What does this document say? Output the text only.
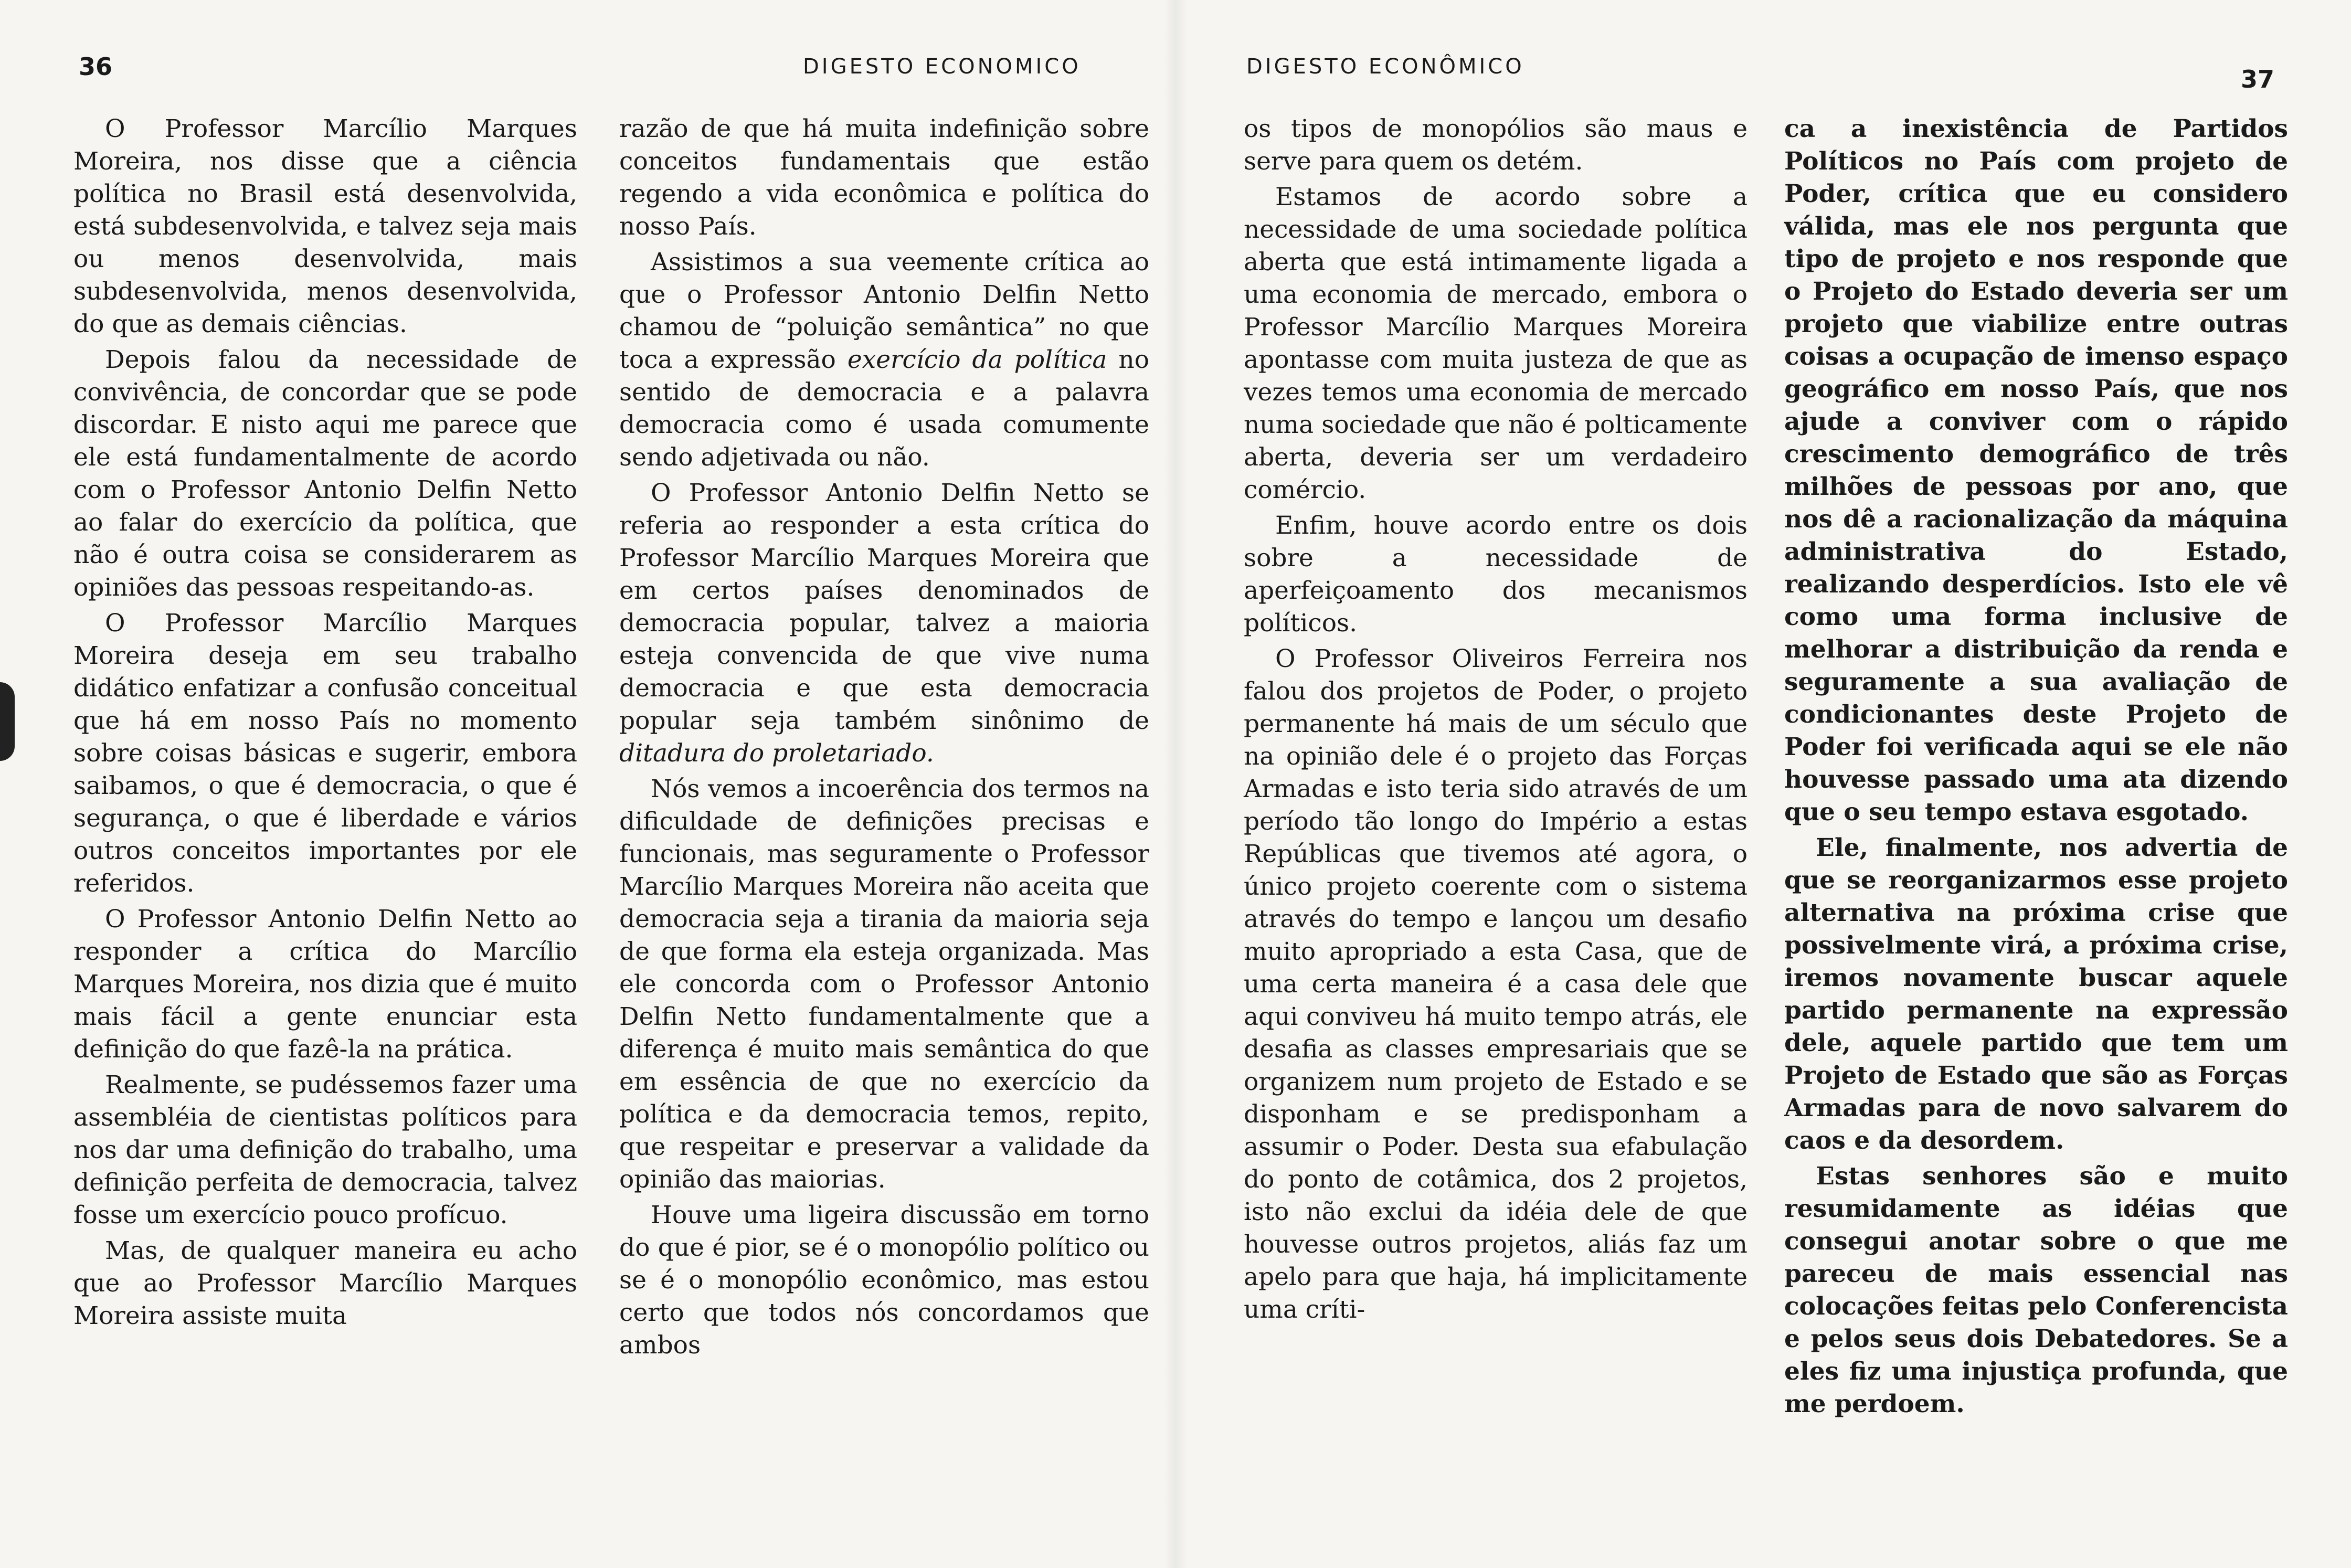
36	DIGESTO ECONOMICO

O Professor Marcílio Marques Moreira, nos disse que a ciência política no Brasil está desenvolvida, está subdesenvolvida, e talvez seja mais ou menos desenvolvida, mais subdesenvolvida, menos desenvolvida, do que as demais ciências.

Depois falou da necessidade de convivência, de concordar que se pode discordar. E nisto aqui me parece que ele está fundamentalmente de acordo com o Professor Antonio Delfin Netto ao falar do exercício da política, que não é outra coisa se considerarem as opiniões das pessoas respeitando-as.

O Professor Marcílio Marques Moreira deseja em seu trabalho didático enfatizar a confusão conceitual que há em nosso País no momento sobre coisas básicas e sugerir, embora saibamos, o que é democracia, o que é segurança, o que é liberdade e vários outros conceitos importantes por ele referidos.

O Professor Antonio Delfin Netto ao responder a crítica do Marcílio Marques Moreira, nos dizia que é muito mais fácil a gente enunciar esta definição do que fazê-la na prática.

Realmente, se pudéssemos fazer uma assembléia de cientistas políticos para nos dar uma definição do trabalho, uma definição perfeita de democracia, talvez fosse um exercício pouco profícuo.

Mas, de qualquer maneira eu acho que ao Professor Marcílio Marques Moreira assiste muita

razão de que há muita indefinição sobre conceitos fundamentais que estão regendo a vida econômica e política do nosso País.

Assistimos a sua veemente crítica ao que o Professor Antonio Delfin Netto chamou de “poluição semântica” no que toca a expressão exercício da política no sentido de democracia e a palavra democracia como é usada comumente sendo adjetivada ou não.

O Professor Antonio Delfin Netto se referia ao responder a esta crítica do Professor Marcílio Marques Moreira que em certos países denominados de democracia popular, talvez a maioria esteja convencida de que vive numa democracia e que esta democracia popular seja também sinônimo de ditadura do proletariado.

Nós vemos a incoerência dos termos na dificuldade de definições precisas e funcionais, mas seguramente o Professor Marcílio Marques Moreira não aceita que democracia seja a tirania da maioria seja de que forma ela esteja organizada. Mas ele concorda com o Professor Antonio Delfin Netto fundamentalmente que a diferença é muito mais semântica do que em essência de que no exercício da política e da democracia temos, repito, que respeitar e preservar a validade da opinião das maiorias.

Houve uma ligeira discussão em torno do que é pior, se é o monopólio político ou se é o monopólio econômico, mas estou certo que todos nós concordamos que ambos

DIGESTO ECONÔMICO	37

os tipos de monopólios são maus e serve para quem os detém.

Estamos de acordo sobre a necessidade de uma sociedade política aberta que está intimamente ligada a uma economia de mercado, embora o Professor Marcílio Marques Moreira apontasse com muita justeza de que as vezes temos uma economia de mercado numa sociedade que não é polticamente aberta, deveria ser um verdadeiro comércio.

Enfim, houve acordo entre os dois sobre a necessidade de aperfeiçoamento dos mecanismos políticos.

O Professor Oliveiros Ferreira nos falou dos projetos de Poder, o projeto permanente há mais de um século que na opinião dele é o projeto das Forças Armadas e isto teria sido através de um período tão longo do Império a estas Repúblicas que tivemos até agora, o único projeto coerente com o sistema através do tempo e lançou um desafio muito apropriado a esta Casa, que de uma certa maneira é a casa dele que aqui conviveu há muito tempo atrás, ele desafia as classes empresariais que se organizem num projeto de Estado e se disponham e se predisponham a assumir o Poder. Desta sua efabulação do ponto de cotâmica, dos 2 projetos, isto não exclui da idéia dele de que houvesse outros projetos, aliás faz um apelo para que haja, há implicitamente uma críti-

ca a inexistência de Partidos Políticos no País com projeto de Poder, crítica que eu considero válida, mas ele nos pergunta que tipo de projeto e nos responde que o Projeto do Estado deveria ser um projeto que viabilize entre outras coisas a ocupação de imenso espaço geográfico em nosso País, que nos ajude a conviver com o rápido crescimento demográfico de três milhões de pessoas por ano, que nos dê a racionalização da máquina administrativa do Estado, realizando desperdícios. Isto ele vê como uma forma inclusive de melhorar a distribuição da renda e seguramente a sua avaliação de condicionantes deste Projeto de Poder foi verificada aqui se ele não houvesse passado uma ata dizendo que o seu tempo estava esgotado.

Ele, finalmente, nos advertia de que se reorganizarmos esse projeto alternativa na próxima crise que possivelmente virá, a próxima crise, iremos novamente buscar aquele partido permanente na expressão dele, aquele partido que tem um Projeto de Estado que são as Forças Armadas para de novo salvarem do caos e da desordem.

Estas senhores são e muito resumidamente as idéias que consegui anotar sobre o que me pareceu de mais essencial nas colocações feitas pelo Conferencista e pelos seus dois Debatedores. Se a eles fiz uma injustiça profunda, que me perdoem.
